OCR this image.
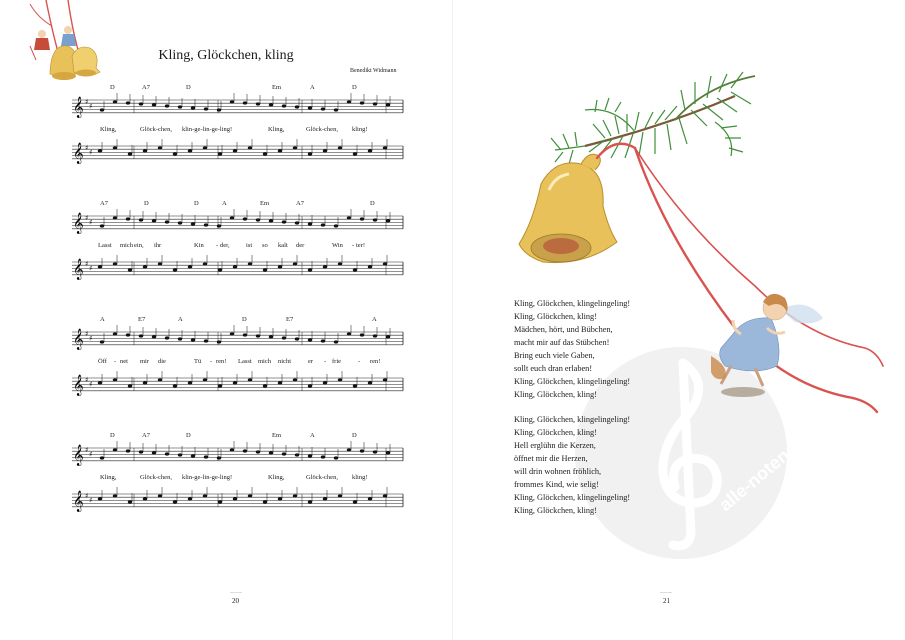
Kling, Glöckchen, kling
Benedikt Widmann
D	A7	D	Em	A	D
𝄞 ♯
♯
Kling,	Glöck-chen, klin-ge-lin-ge-ling!	Kling,	Glöck-chen, kling!
𝄞 ♯
♯
A7	D	D	A	Em	A7	D
𝄞 ♯
♯
Lasst mich ein, ihr	Kin - der,	ist so kalt der	Win - ter!
𝄞 ♯
♯
A	E7	A	D	E7	A
𝄞 ♯
♯
Öff - net mir die	Tü - ren! Lasst mich nicht	er - frie	- ren!
𝄞 ♯
♯
D	A7	D	Em	A	D
𝄞 ♯
♯
Kling,	Glöck-chen, klin-ge-lin-ge-ling!	Kling,	Glöck-chen, kling!
𝄞 ♯
♯
20
alle-noten.de
21
Kling, Glöckchen, klingelingeling!
Kling, Glöckchen, kling!
Mädchen, hört, und Bübchen,
macht mir auf das Stübchen!
Bring euch viele Gaben,
sollt euch dran erlaben!
Kling, Glöckchen, klingelingeling!
Kling, Glöckchen, kling!
Kling, Glöckchen, klingelingeling!
Kling, Glöckchen, kling!
Hell erglühn die Kerzen,
öffnet mir die Herzen,
will drin wohnen fröhlich,
frommes Kind, wie selig!
Kling, Glöckchen, klingelingeling!
Kling, Glöckchen, kling!
